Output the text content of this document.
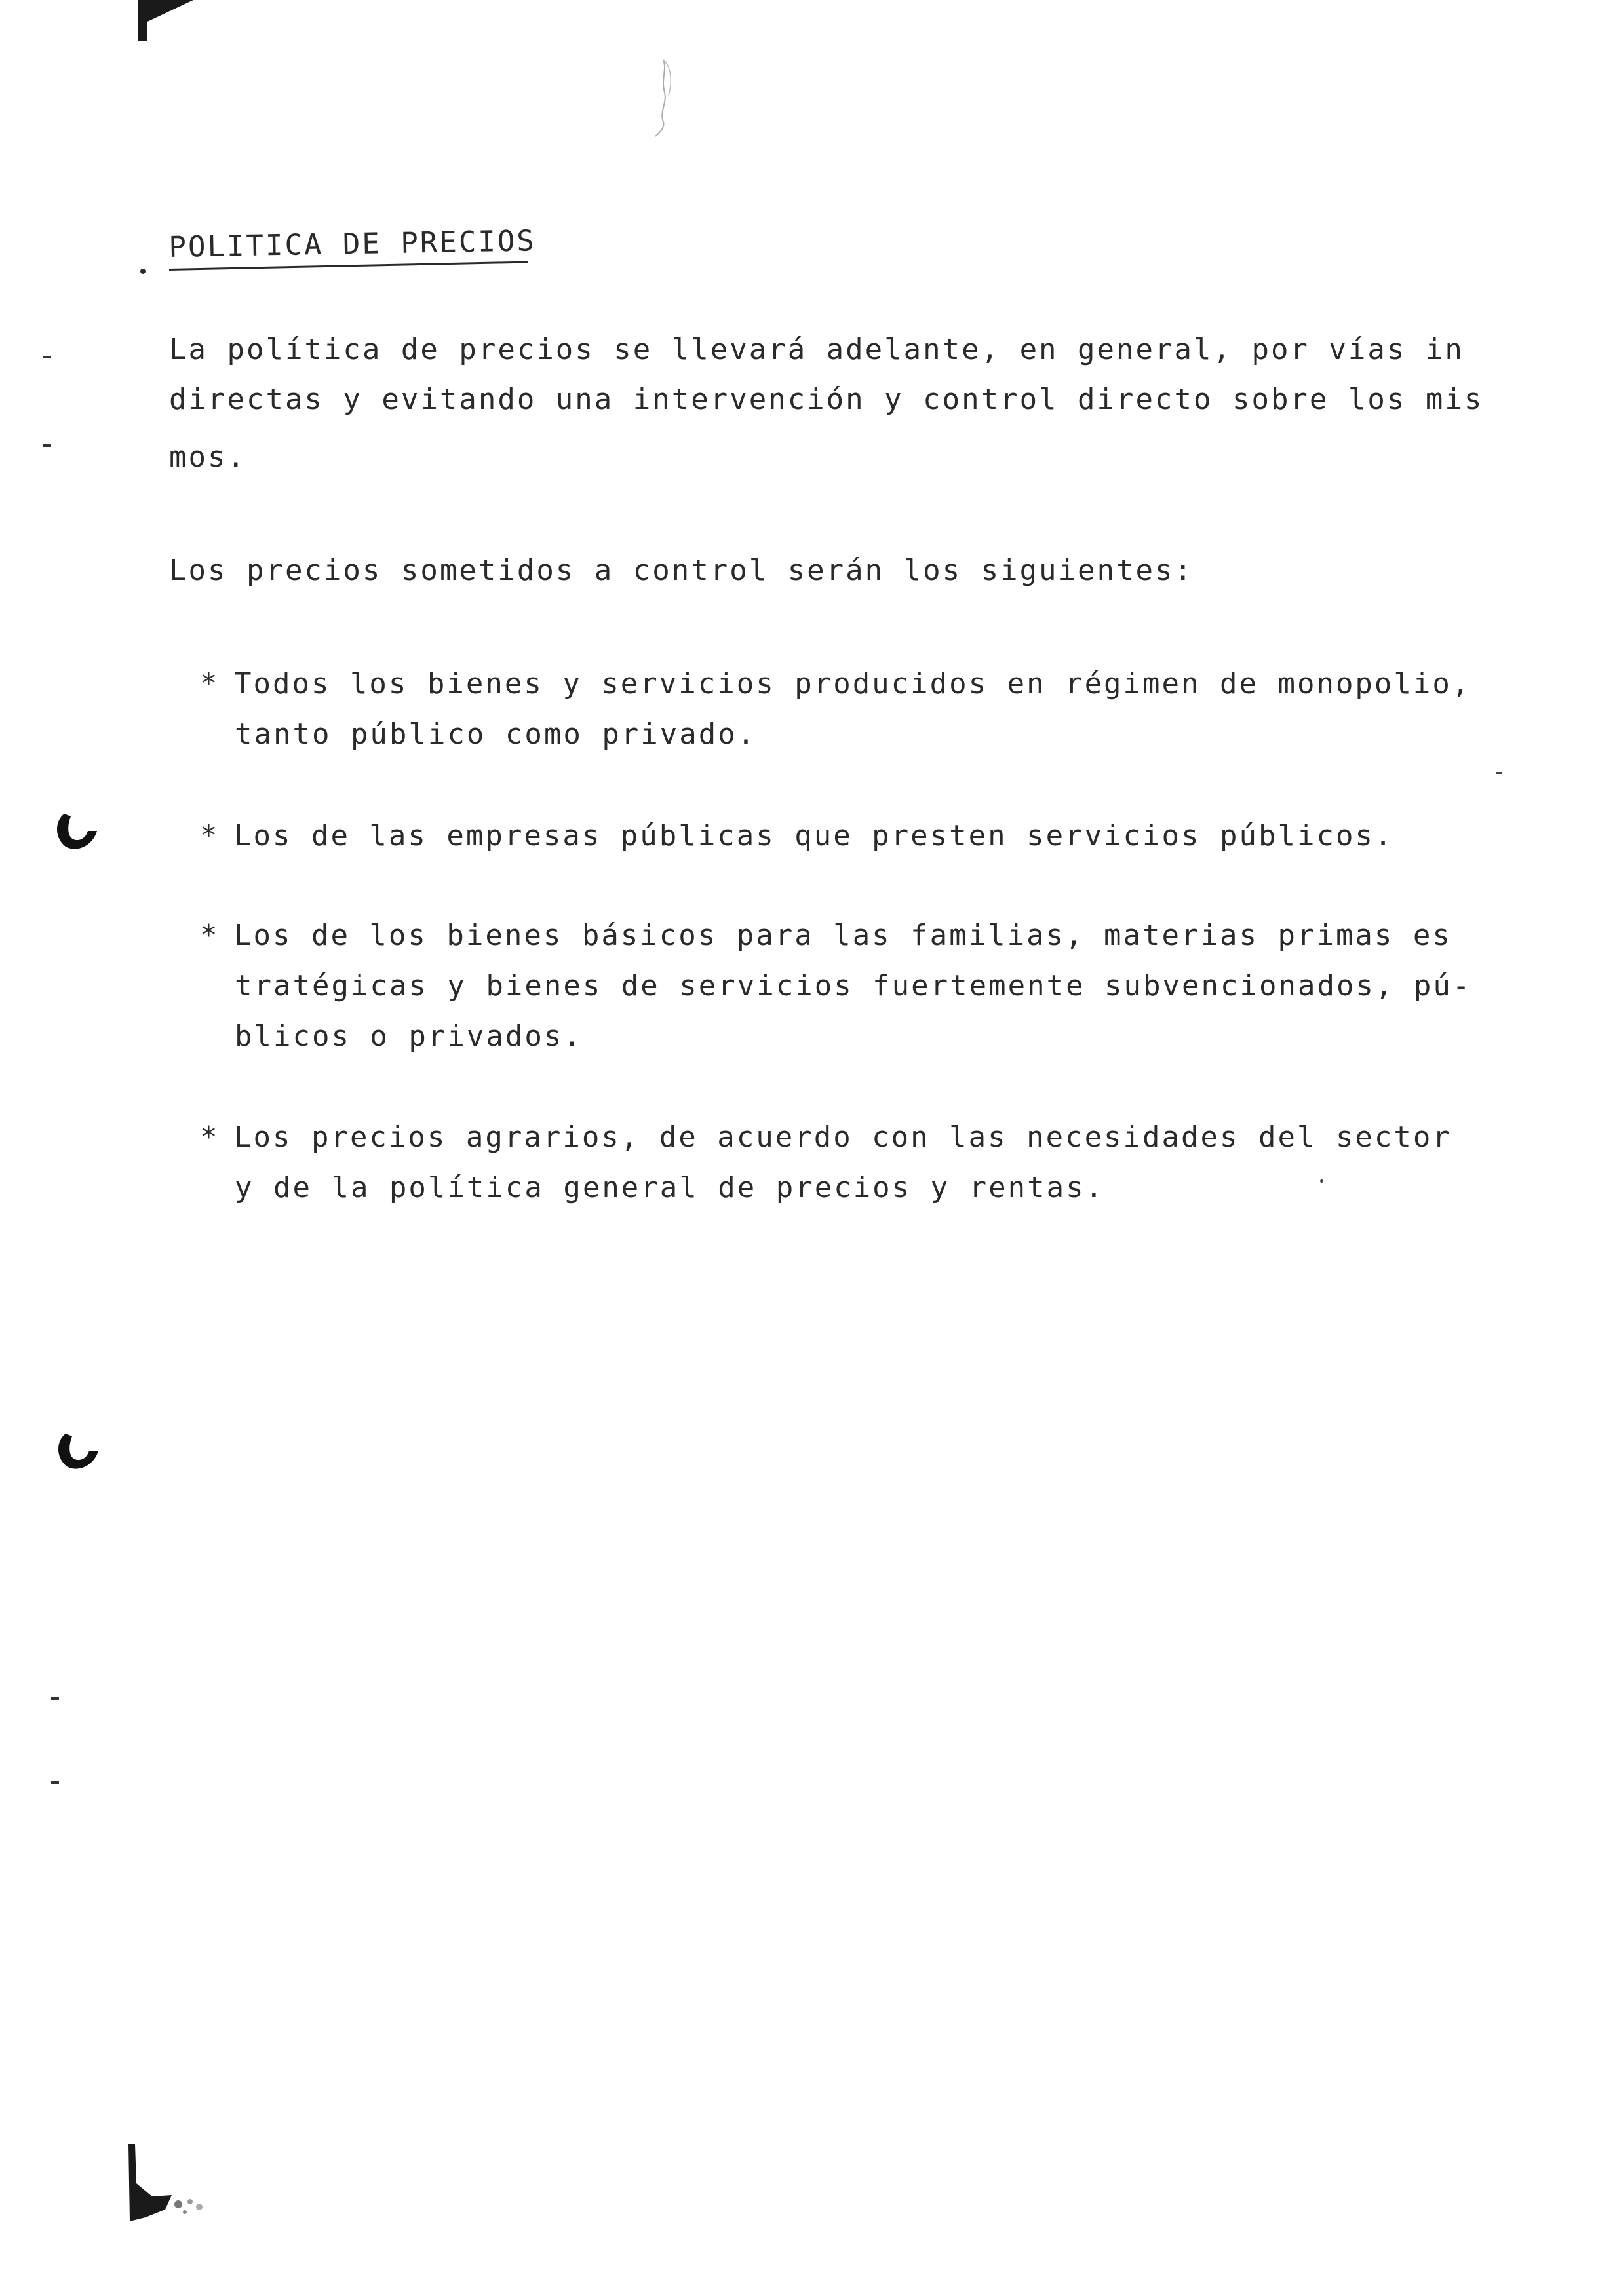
POLITICA DE PRECIOS
La política de precios se llevará adelante, en general, por vías in
directas y evitando una intervención y control directo sobre los mis
mos.
Los precios sometidos a control serán los siguientes:
* Todos los bienes y servicios producidos en régimen de monopolio,
tanto público como privado.
* Los de las empresas públicas que presten servicios públicos.
* Los de los bienes básicos para las familias, materias primas es
tratégicas y bienes de servicios fuertemente subvencionados, pú-
blicos o privados.
* Los precios agrarios, de acuerdo con las necesidades del sector
y de la política general de precios y rentas.
